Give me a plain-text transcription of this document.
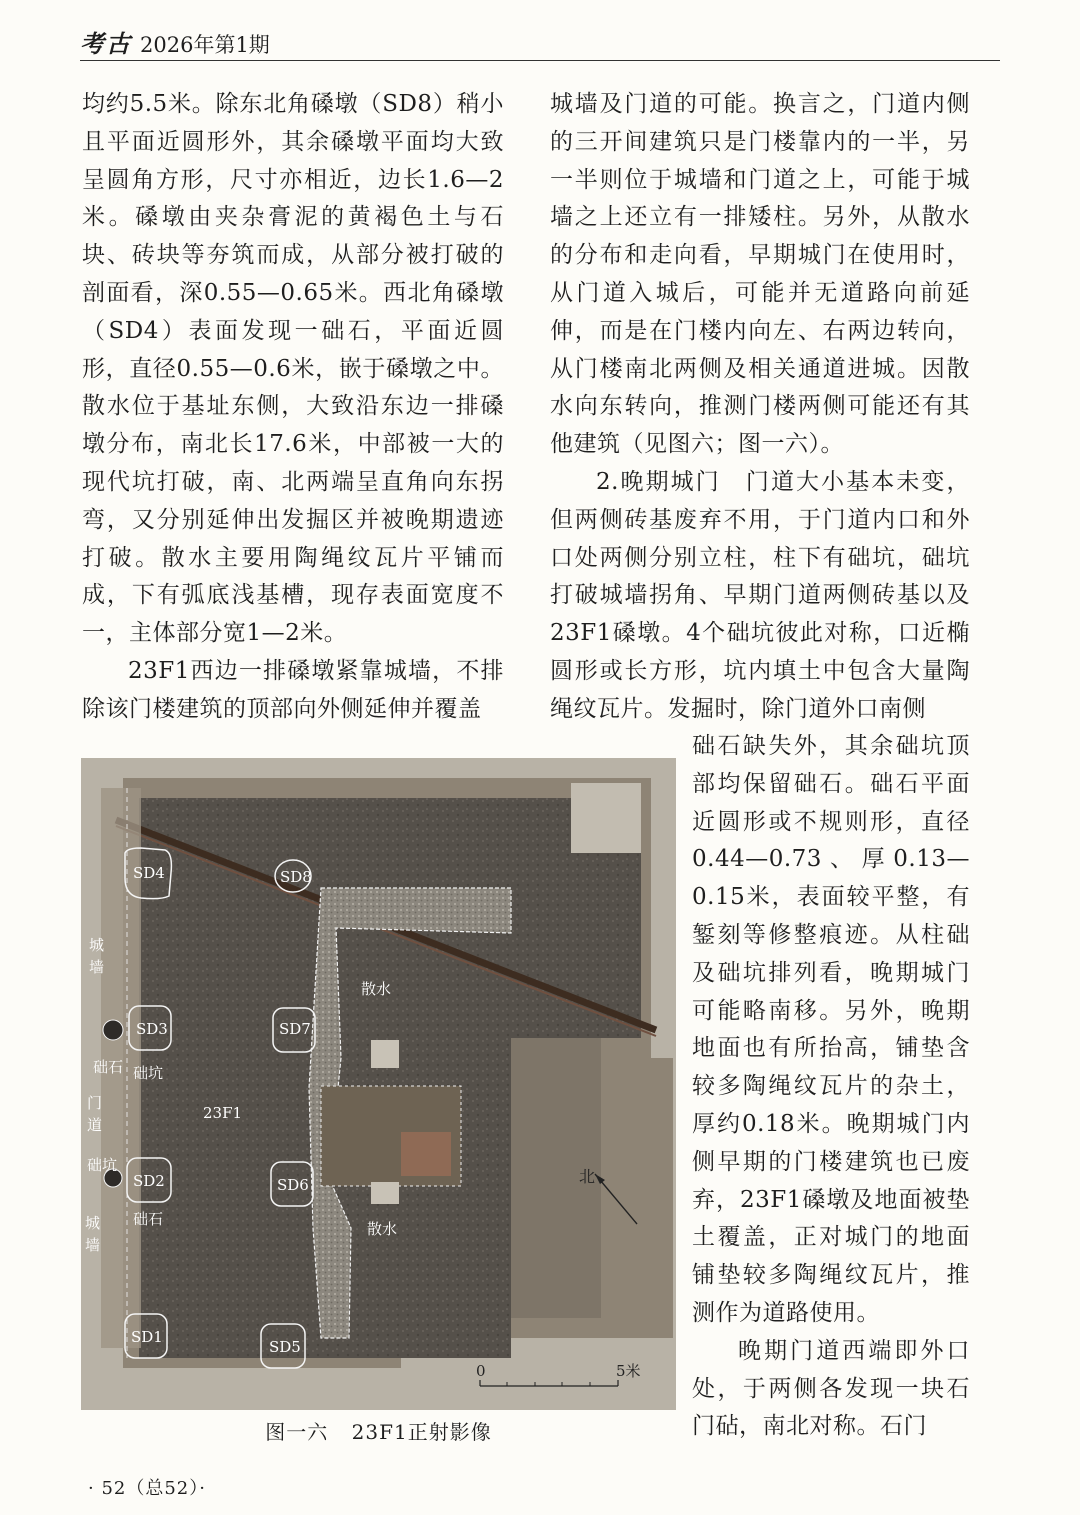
考古 2026年第1期

均约5.5米。除东北角磉墩（SD8）稍小且平面近圆形外，其余磉墩平面均大致呈圆角方形，尺寸亦相近，边长1.6—2米。磉墩由夹杂膏泥的黄褐色土与石块、砖块等夯筑而成，从部分被打破的剖面看，深0.55—0.65米。西北角磉墩（SD4）表面发现一础石，平面近圆形，直径0.55—0.6米，嵌于磉墩之中。散水位于基址东侧，大致沿东边一排磉墩分布，南北长17.6米，中部被一大的现代坑打破，南、北两端呈直角向东拐弯，又分别延伸出发掘区并被晚期遗迹打破。散水主要用陶绳纹瓦片平铺而成，下有弧底浅基槽，现存表面宽度不一，主体部分宽1—2米。

23F1西边一排磉墩紧靠城墙，不排除该门楼建筑的顶部向外侧延伸并覆盖

城墙及门道的可能。换言之，门道内侧的三开间建筑只是门楼靠内的一半，另一半则位于城墙和门道之上，可能于城墙之上还立有一排矮柱。另外，从散水的分布和走向看，早期城门在使用时，从门道入城后，可能并无道路向前延伸，而是在门楼内向左、右两边转向，从门楼南北两侧及相关通道进城。因散水向东转向，推测门楼两侧可能还有其他建筑（见图六；图一六）。

2.晚期城门　门道大小基本未变，但两侧砖基废弃不用，于门道内口和外口处两侧分别立柱，柱下有础坑，础坑打破城墙拐角、早期门道两侧砖基以及23F1磉墩。4个础坑彼此对称，口近椭圆形或长方形，坑内填土中包含大量陶绳纹瓦片。发掘时，除门道外口南侧

础石缺失外，其余础坑顶部均保留础石。础石平面近圆形或不规则形，直径0.44—0.73、厚0.13—0.15米，表面较平整，有錾刻等修整痕迹。从柱础及础坑排列看，晚期城门可能略南移。另外，晚期地面也有所抬高，铺垫含较多陶绳纹瓦片的杂土，厚约0.18米。晚期城门内侧早期的门楼建筑也已废弃，23F1磉墩及地面被垫土覆盖，正对城门的地面铺垫较多陶绳纹瓦片，推测作为道路使用。

晚期门道西端即外口处，于两侧各发现一块石门砧，南北对称。石门

SD4	SD8
SD3	SD7
SD2	SD6
SD1
SD5
散水
散水
23F1
城
墙
础石 础坑
门
道
础坑
础石
城
墙
北
0	5米
图一六 23F1正射影像
· 52（总52）·
